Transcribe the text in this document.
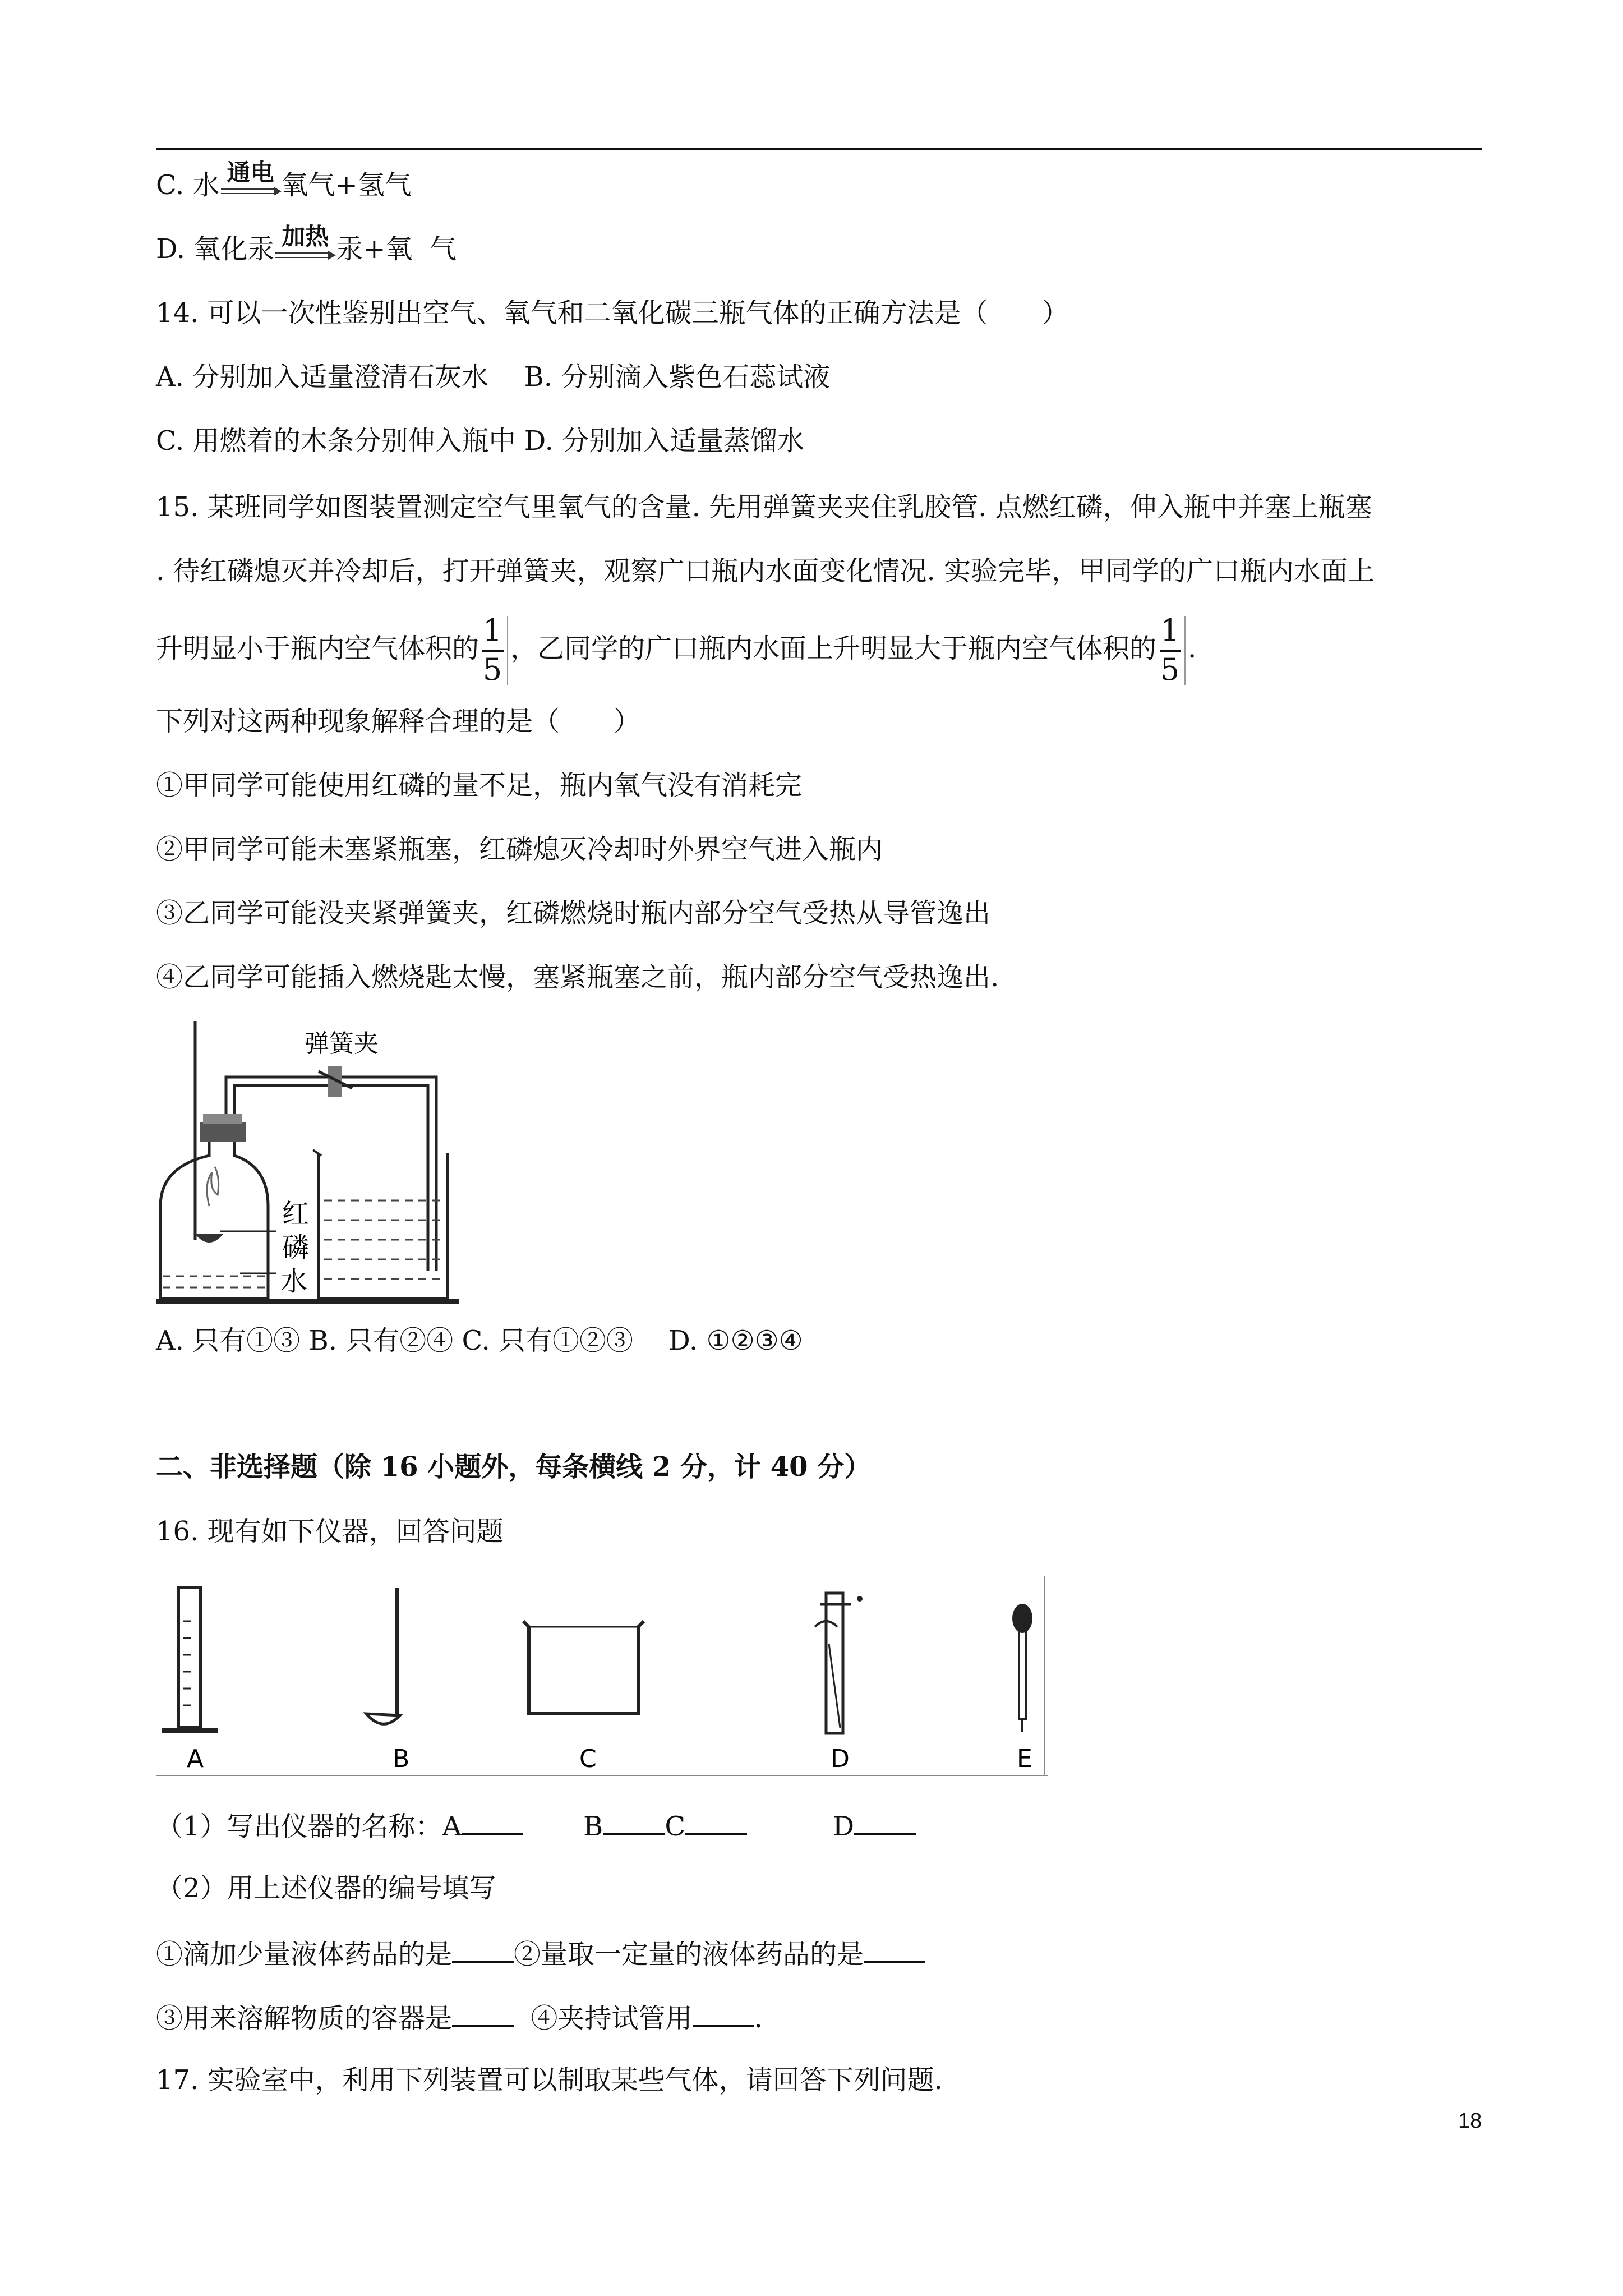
C. 水 通电 氧气+氢气
D. 氧化汞 加热 汞+氧  气
14. 可以一次性鉴别出空气、氧气和二氧化碳三瓶气体的正确方法是（　　）
A. 分别加入适量澄清石灰水　 B. 分别滴入紫色石蕊试液
C. 用燃着的木条分别伸入瓶中 D. 分别加入适量蒸馏水
15. 某班同学如图装置测定空气里氧气的含量. 先用弹簧夹夹住乳胶管. 点燃红磷，伸入瓶中并塞上瓶塞
. 待红磷熄灭并冷却后，打开弹簧夹，观察广口瓶内水面变化情况. 实验完毕，甲同学的广口瓶内水面上
升明显小于瓶内空气体积的 $\frac{1}{5}$ ，乙同学的广口瓶内水面上升明显大于瓶内空气体积的 $\frac{1}{5}$ .
下列对这两种现象解释合理的是（　　）
①甲同学可能使用红磷的量不足，瓶内氧气没有消耗完
②甲同学可能未塞紧瓶塞，红磷熄灭冷却时外界空气进入瓶内
③乙同学可能没夹紧弹簧夹，红磷燃烧时瓶内部分空气受热从导管逸出
④乙同学可能插入燃烧匙太慢，塞紧瓶塞之前，瓶内部分空气受热逸出.
弹簧夹
红
磷
水
A. 只有①③ B. 只有②④ C. 只有①②③　 D. ①②③④
二、非选择题（除 16 小题外，每条横线 2 分，计 40 分）
16. 现有如下仪器，回答问题
A	B	C	D	E
（1）写出仪器的名称：A	B C	D
（2）用上述仪器的编号填写
①滴加少量液体药品的是 ②量取一定量的液体药品的是
③用来溶解物质的容器是	④夹持试管用 .
17. 实验室中，利用下列装置可以制取某些气体，请回答下列问题.
18
